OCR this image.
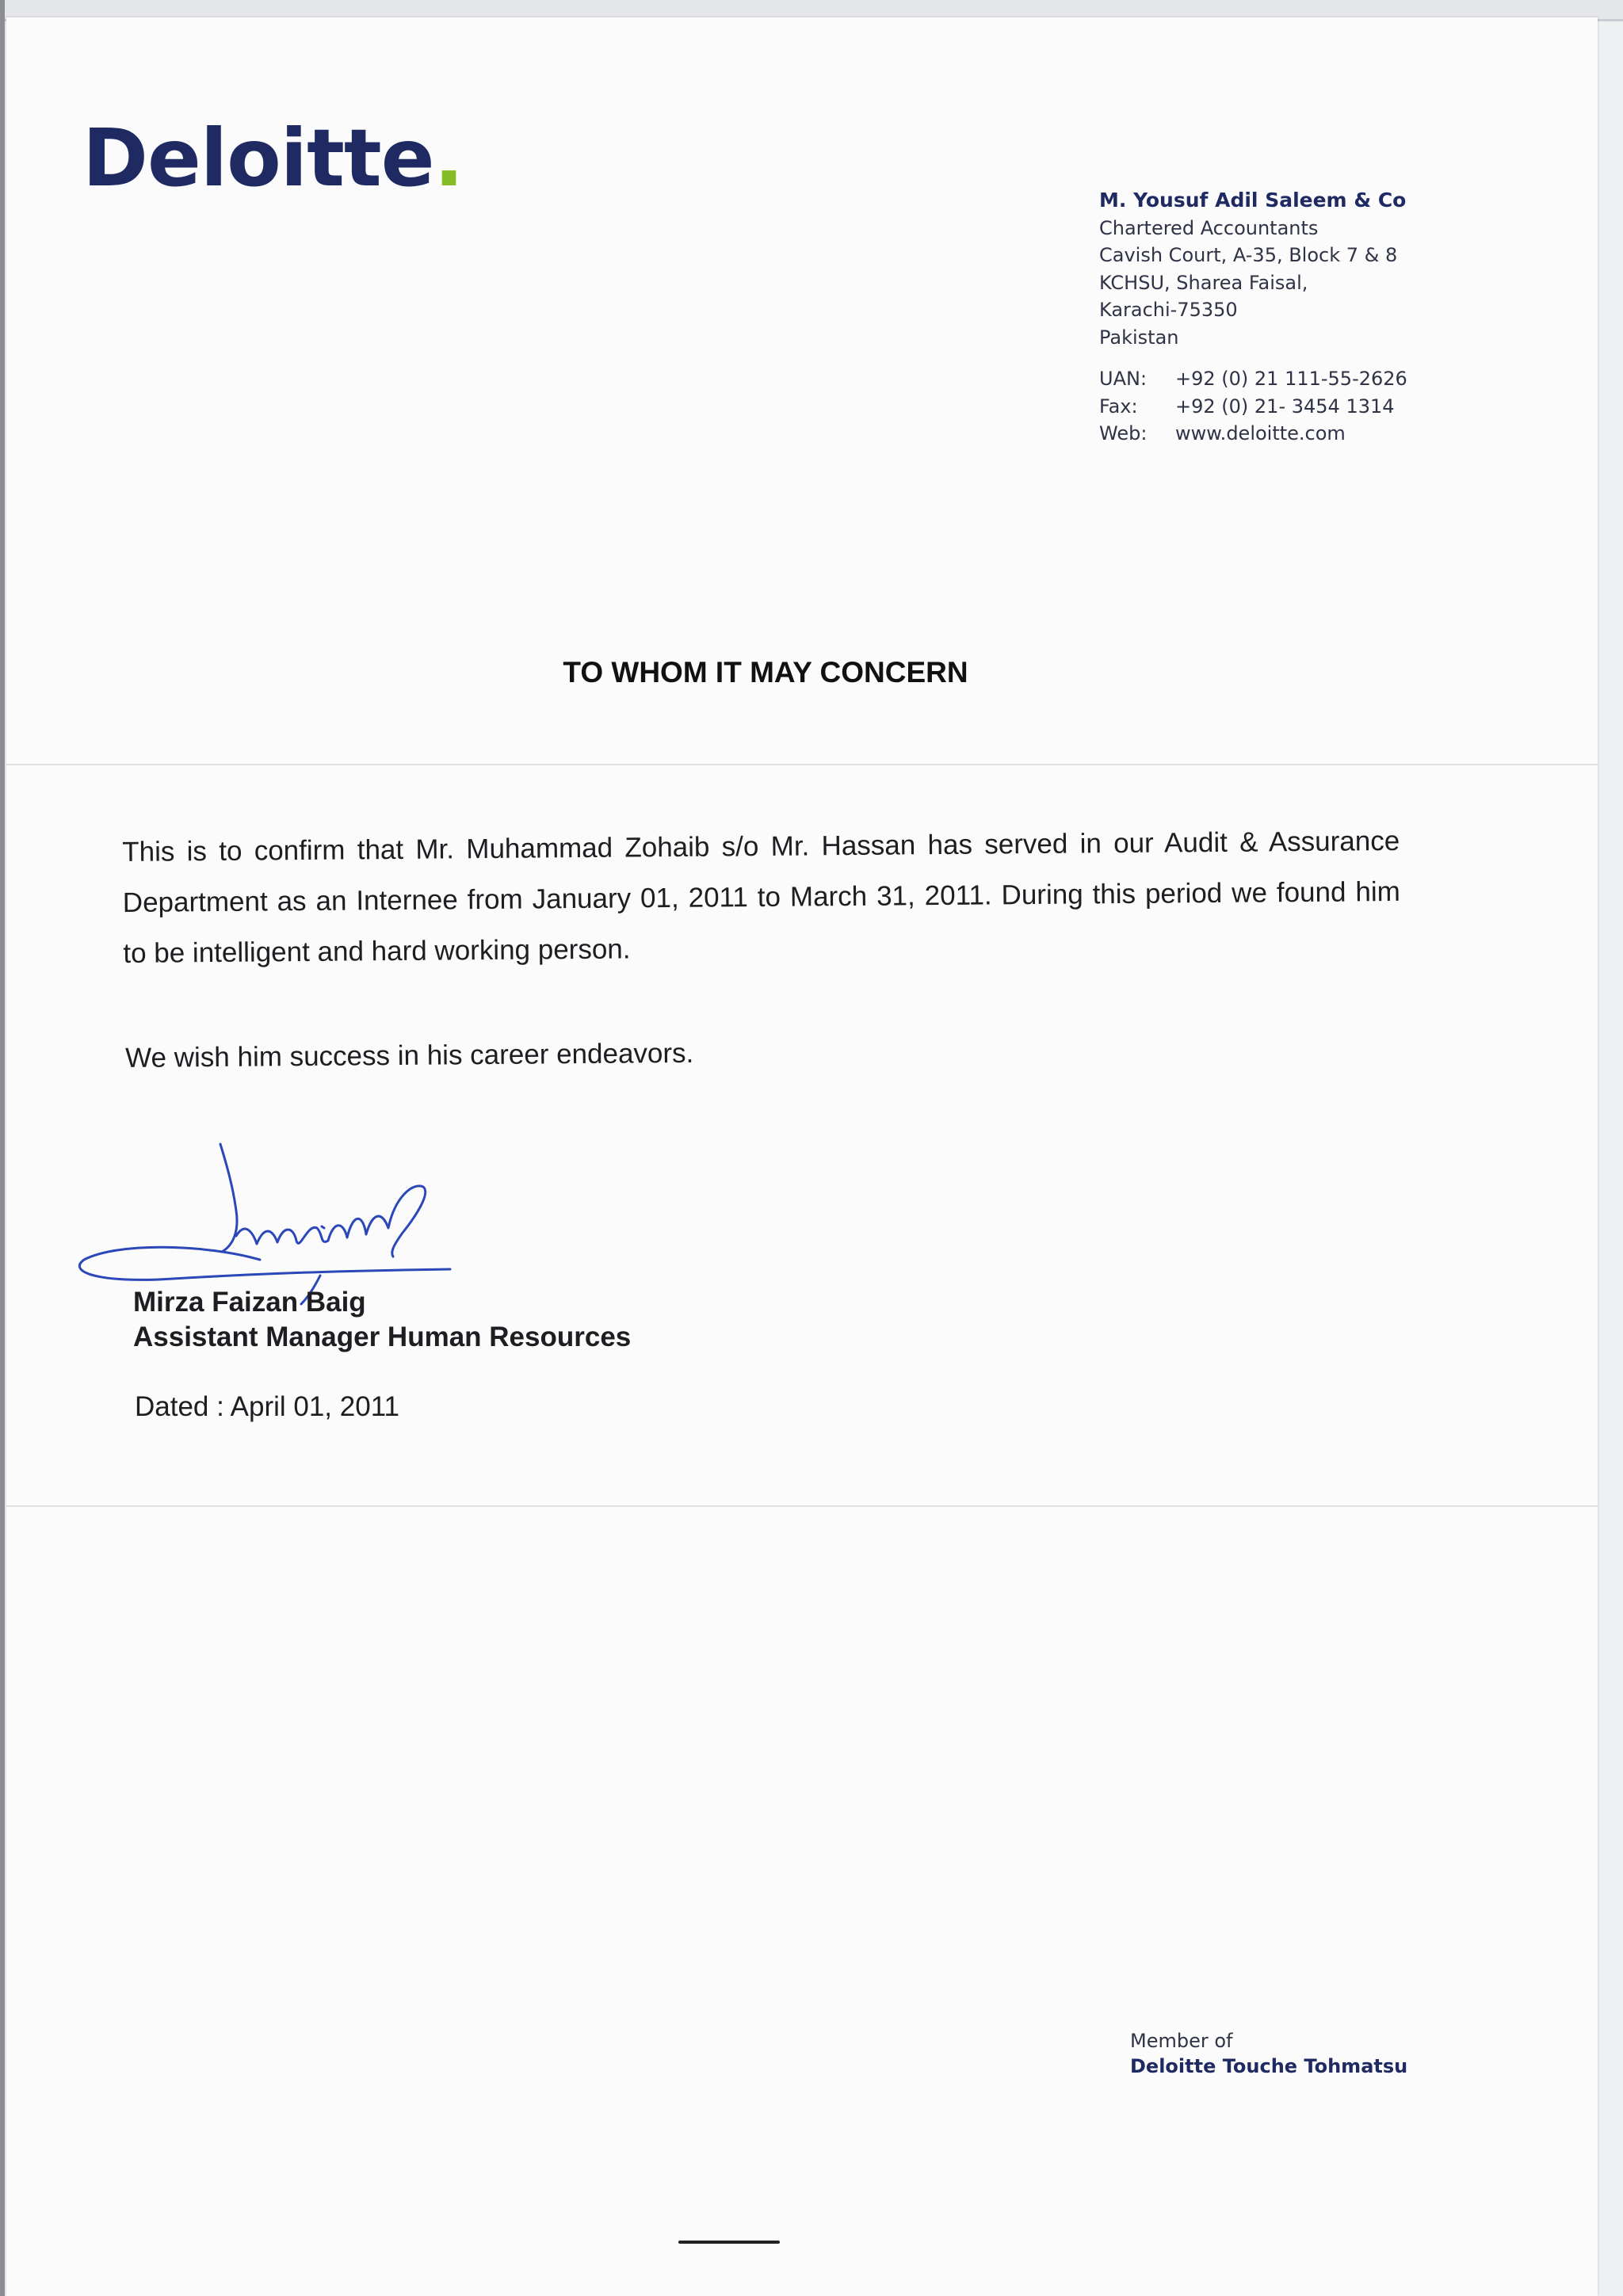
Deloitte.	M. Yousuf Adil Saleem & Co
Chartered Accountants
Cavish Court, A-35, Block 7 & 8
KCHSU, Sharea Faisal,
Karachi-75350
Pakistan
UAN:	+92 (0) 21 111-55-2626
Fax:	+92 (0) 21- 3454 1314
Web:	www.deloitte.com
TO WHOM IT MAY CONCERN
This is to confirm that Mr. Muhammad Zohaib s/o Mr. Hassan has served in our Audit & Assurance Department as an Internee from January 01, 2011 to March 31, 2011. During this period we found him to be intelligent and hard working person.
We wish him success in his career endeavors.
Mirza Faizan Baig
Assistant Manager Human Resources
Dated : April 01, 2011
Member of
Deloitte Touche Tohmatsu
